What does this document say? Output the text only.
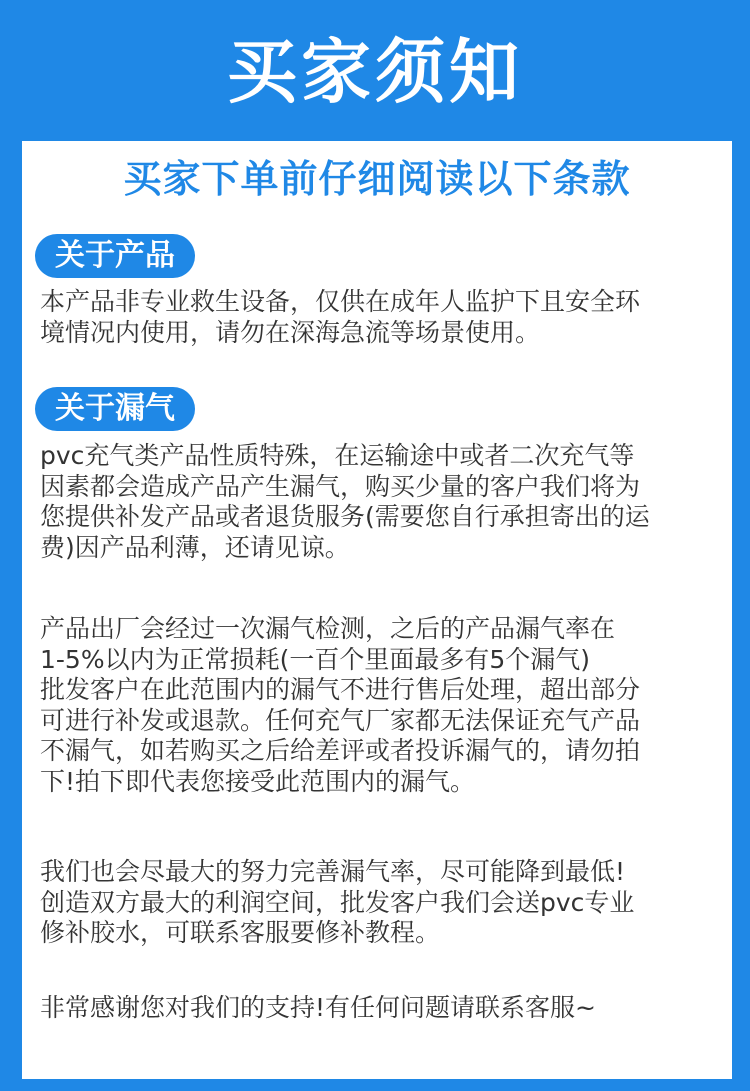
买家须知
买家下单前仔细阅读以下条款
关于产品
本产品非专业救生设备，仅供在成年人监护下且安全环
境情况内使用，请勿在深海急流等场景使用。
关于漏气
pvc充气类产品性质特殊，在运输途中或者二次充气等
因素都会造成产品产生漏气，购买少量的客户我们将为
您提供补发产品或者退货服务(需要您自行承担寄出的运
费)因产品利薄，还请见谅。
产品出厂会经过一次漏气检测，之后的产品漏气率在
1-5%以内为正常损耗(一百个里面最多有5个漏气)
批发客户在此范围内的漏气不进行售后处理，超出部分
可进行补发或退款。任何充气厂家都无法保证充气产品
不漏气，如若购买之后给差评或者投诉漏气的，请勿拍
下!拍下即代表您接受此范围内的漏气。
我们也会尽最大的努力完善漏气率，尽可能降到最低!
创造双方最大的利润空间，批发客户我们会送pvc专业
修补胶水，可联系客服要修补教程。
非常感谢您对我们的支持!有任何问题请联系客服~
